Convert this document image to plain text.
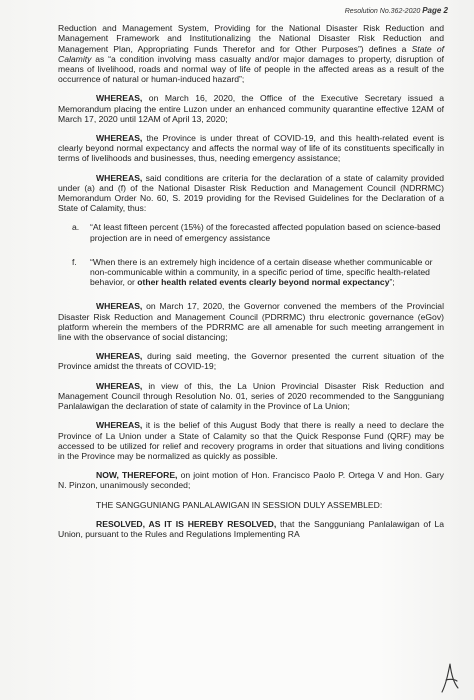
Resolution No.362-2020 Page 2

Reduction and Management System, Providing for the National Disaster Risk Reduction and Management Framework and Institutionalizing the National Disaster Risk Reduction and Management Plan, Appropriating Funds Therefor and for Other Purposes”) defines a State of Calamity as “a condition involving mass casualty and/or major damages to property, disruption of means of livelihood, roads and normal way of life of people in the affected areas as a result of the occurrence of natural or human-induced hazard”;

WHEREAS, on March 16, 2020, the Office of the Executive Secretary issued a Memorandum placing the entire Luzon under an enhanced community quarantine effective 12AM of March 17, 2020 until 12AM of April 13, 2020;

WHEREAS, the Province is under threat of COVID-19, and this health-related event is clearly beyond normal expectancy and affects the normal way of life of its constituents specifically in terms of livelihoods and businesses, thus, needing emergency assistance;

WHEREAS, said conditions are criteria for the declaration of a state of calamity provided under (a) and (f) of the National Disaster Risk Reduction and Management Council (NDRRMC) Memorandum Order No. 60, S. 2019 providing for the Revised Guidelines for the Declaration of a State of Calamity, thus:

a. “At least fifteen percent (15%) of the forecasted affected population based on science-based projection are in need of emergency assistance
f.	“When there is an extremely high incidence of a certain disease whether communicable or non-communicable within a community, in a specific period of time, specific health-related behavior, or other health related events clearly beyond normal expectancy”;

WHEREAS, on March 17, 2020, the Governor convened the members of the Provincial Disaster Risk Reduction and Management Council (PDRRMC) thru electronic governance (eGov) platform wherein the members of the PDRRMC are all amenable for such meeting arrangement in line with the observance of social distancing;

WHEREAS, during said meeting, the Governor presented the current situation of the Province amidst the threats of COVID-19;

WHEREAS, in view of this, the La Union Provincial Disaster Risk Reduction and Management Council through Resolution No. 01, series of 2020 recommended to the Sangguniang Panlalawigan the declaration of state of calamity in the Province of La Union;

WHEREAS, it is the belief of this August Body that there is really a need to declare the Province of La Union under a State of Calamity so that the Quick Response Fund (QRF) may be accessed to be utilized for relief and recovery programs in order that situations and living conditions in the Province may be normalized as quickly as possible.

NOW, THEREFORE, on joint motion of Hon. Francisco Paolo P. Ortega V and Hon. Gary N. Pinzon, unanimously seconded;

THE SANGGUNIANG PANLALAWIGAN IN SESSION DULY ASSEMBLED:

RESOLVED, AS IT IS HEREBY RESOLVED, that the Sangguniang Panlalawigan of La Union, pursuant to the Rules and Regulations Implementing RA
